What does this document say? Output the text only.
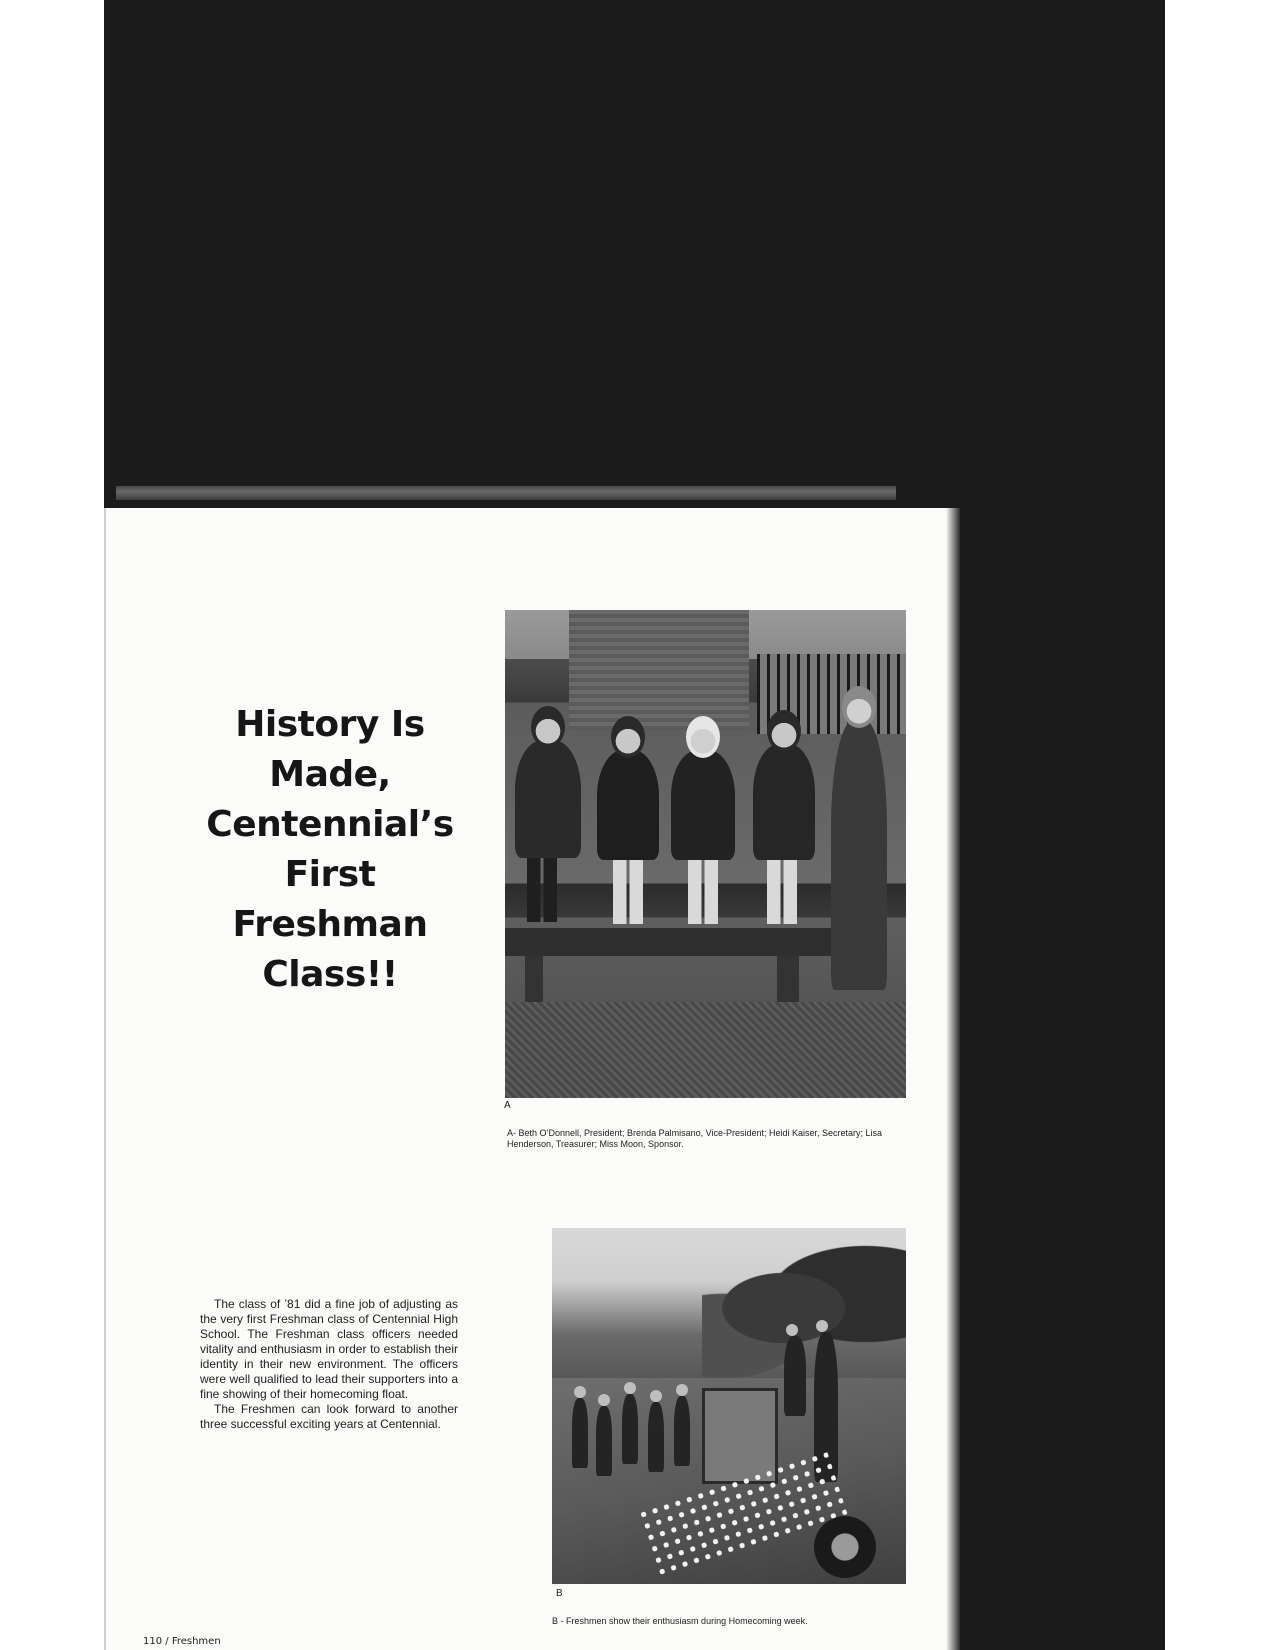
History Is
Made,
Centennial’s
First
Freshman
Class!!
A

A- Beth O’Donnell, President; Brenda Palmisano, Vice-President; Heidi Kaiser, Secretary; Lisa Henderson, Treasurer; Miss Moon, Sponsor.

The class of ’81 did a fine job of adjusting as the very first Freshman class of Centennial High School. The Freshman class officers needed vitality and enthusiasm in order to establish their identity in their new environment. The officers were well qualified to lead their supporters into a fine showing of their homecoming float.

The Freshmen can look forward to another three successful exciting years at Centennial.

B

B - Freshmen show their enthusiasm during Homecoming week.

110 / Freshmen
